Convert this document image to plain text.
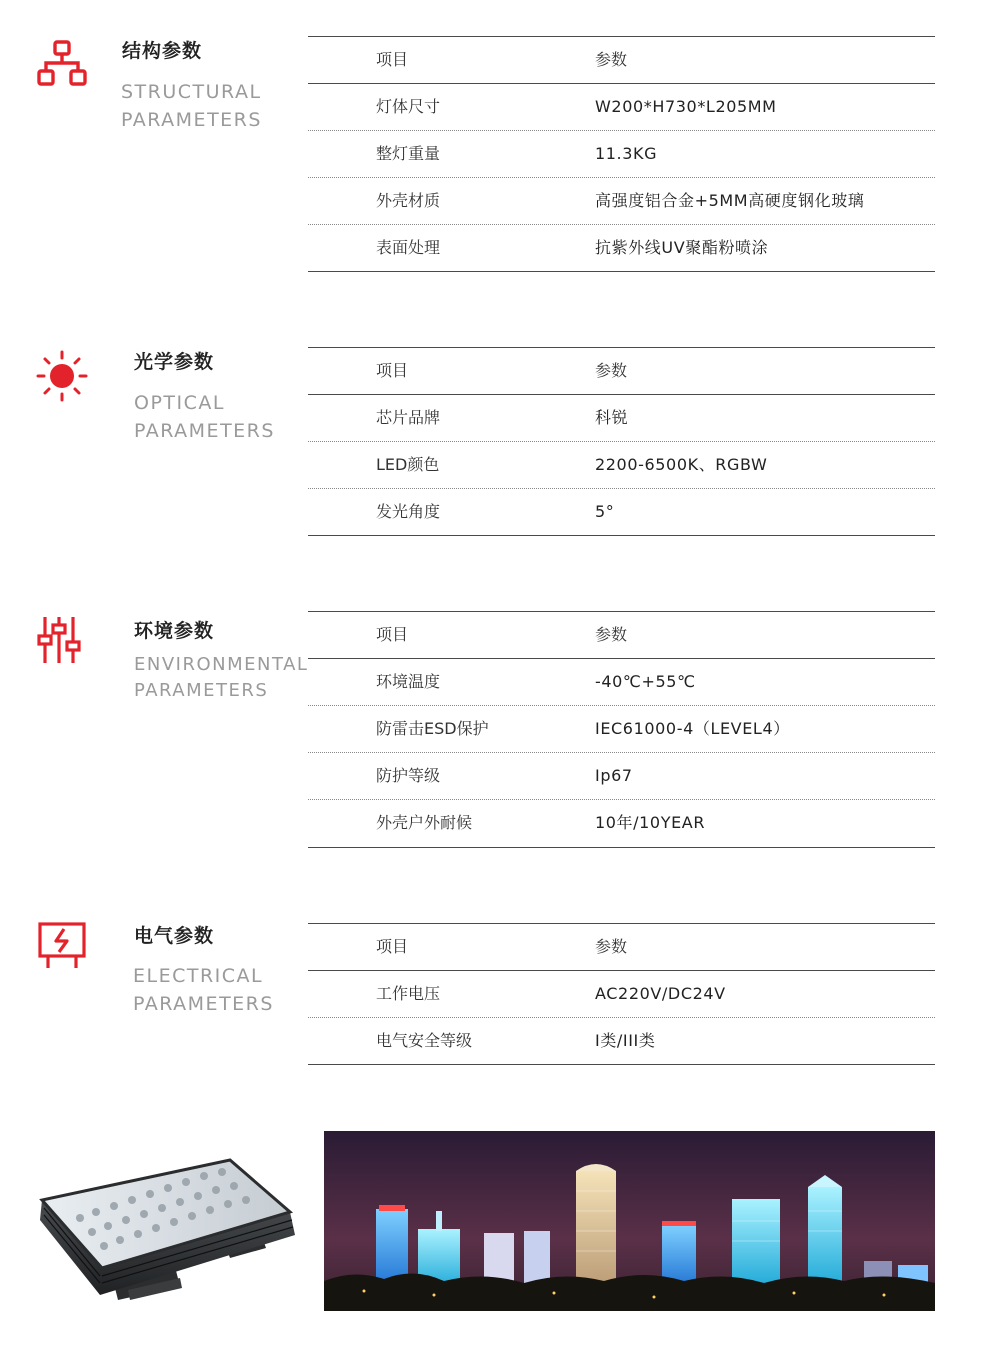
结构参数
STRUCTURAL
PARAMETERS
项目	参数
灯体尺寸	W200*H730*L205MM
整灯重量	11.3KG
外壳材质	高强度铝合金+5MM高硬度钢化玻璃
表面处理	抗紫外线UV聚酯粉喷涂
光学参数
OPTICAL
PARAMETERS
项目	参数
芯片品牌	科锐
LED颜色	2200-6500K、RGBW
发光角度	5°
环境参数
ENVIRONMENTAL
PARAMETERS
项目	参数
环境温度	-40℃+55℃
防雷击ESD保护	IEC61000-4（LEVEL4）
防护等级	Ip67
外壳户外耐候	10年/10YEAR
电气参数
ELECTRICAL
PARAMETERS
项目	参数
工作电压	AC220V/DC24V
电气安全等级	I类/III类
